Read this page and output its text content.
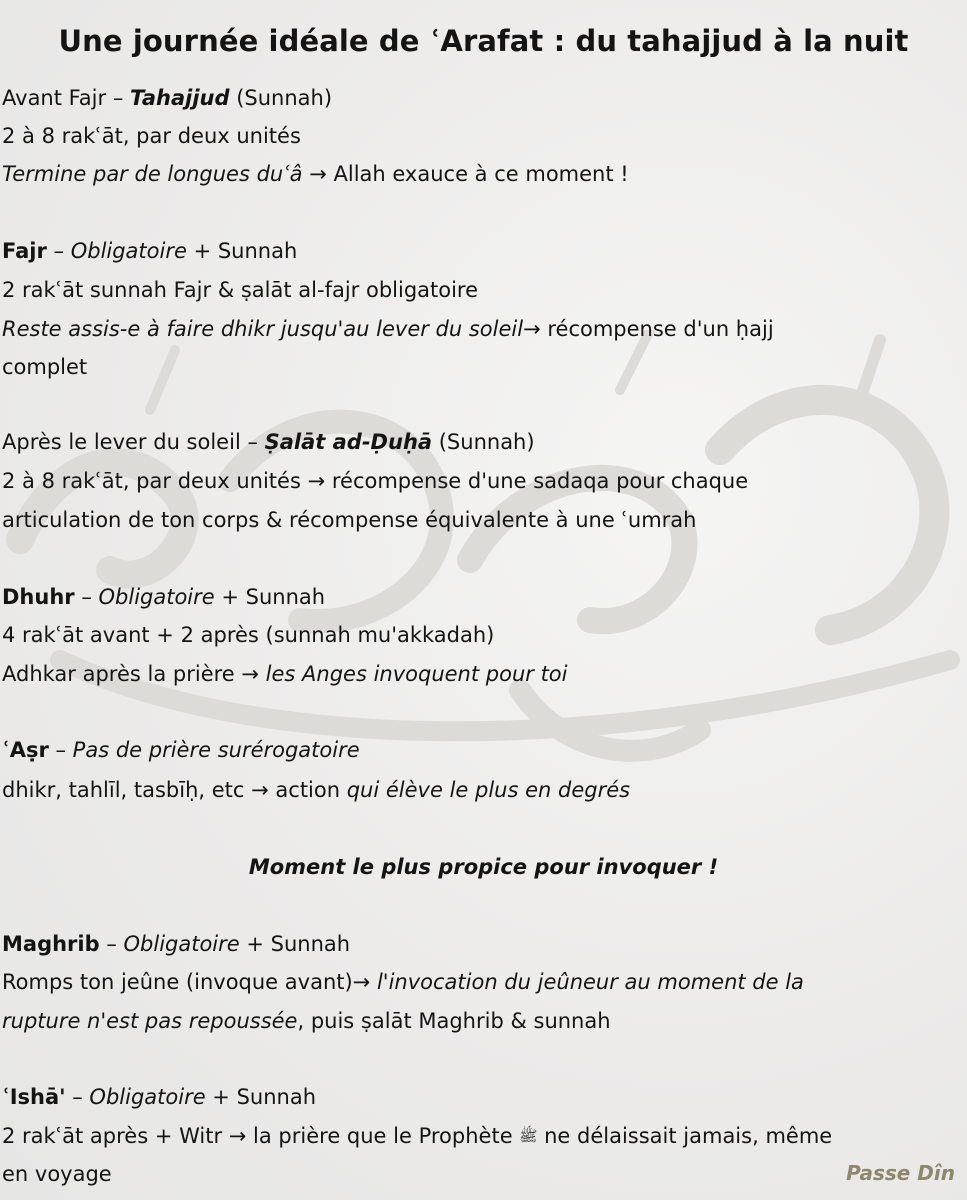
Une journée idéale de ʿArafat : du tahajjud à la nuit
Avant Fajr – Tahajjud (Sunnah)
2 à 8 rakʿāt, par deux unités
Termine par de longues duʿâ → Allah exauce à ce moment !
Fajr – Obligatoire + Sunnah
2 rakʿāt sunnah Fajr & ṣalāt al-fajr obligatoire
Reste assis-e à faire dhikr jusqu'au lever du soleil→ récompense d'un ḥajj
complet
Après le lever du soleil – Ṣalāt ad-Ḍuḥā (Sunnah)
2 à 8 rakʿāt, par deux unités → récompense d'une sadaqa pour chaque
articulation de ton corps & récompense équivalente à une ʿumrah
Dhuhr – Obligatoire + Sunnah
4 rakʿāt avant + 2 après (sunnah mu'akkadah)
Adhkar après la prière → les Anges invoquent pour toi
ʿAṣr – Pas de prière surérogatoire
dhikr, tahlīl, tasbīḥ, etc → action qui élève le plus en degrés
Moment le plus propice pour invoquer !
Maghrib – Obligatoire + Sunnah
Romps ton jeûne (invoque avant)→ l'invocation du jeûneur au moment de la
rupture n'est pas repoussée, puis ṣalāt Maghrib & sunnah
ʿIshā' – Obligatoire + Sunnah
2 rakʿāt après + Witr → la prière que le Prophète ﷺ ne délaissait jamais, même
en voyage	Passe Dîn
